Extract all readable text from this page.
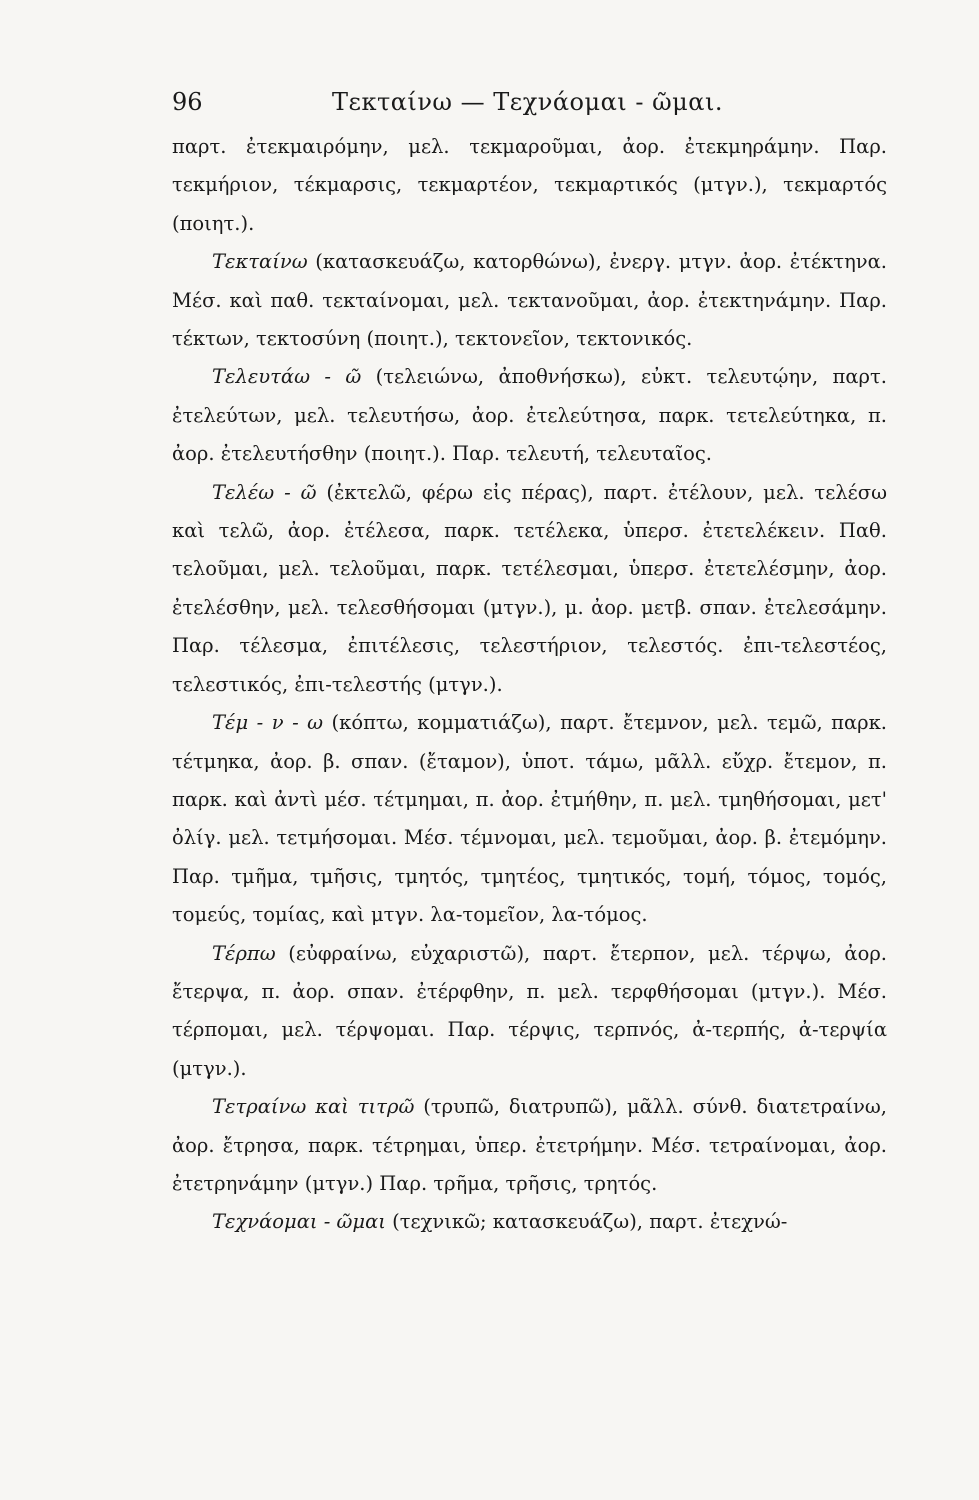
96	Τεκταίνω — Τεχνάομαι - ῶμαι.

παρτ. ἐτεκμαιρόμην, μελ. τεκμαροῦμαι, ἀορ. ἐτεκμηράμην. Παρ. τεκμήριον, τέκμαρσις, τεκμαρτέον, τεκμαρτικός (μτγν.), τεκμαρτός (ποιητ.).

Τεκταίνω (κατασκευάζω, κατορθώνω), ἐνεργ. μτγν. ἀορ. ἐτέκτηνα. Μέσ. καὶ παθ. τεκταίνομαι, μελ. τεκτανοῦμαι, ἀορ. ἐτεκτηνάμην. Παρ. τέκτων, τεκτοσύνη (ποιητ.), τεκτονεῖον, τεκτονικός.

Τελευτάω - ῶ (τελειώνω, ἀποθνήσκω), εὐκτ. τελευτῴην, παρτ. ἐτελεύτων, μελ. τελευτήσω, ἀορ. ἐτελεύτησα, παρκ. τετελεύτηκα, π. ἀορ. ἐτελευτήσθην (ποιητ.). Παρ. τελευτή, τελευταῖος.

Τελέω - ῶ (ἐκτελῶ, φέρω εἰς πέρας), παρτ. ἐτέλουν, μελ. τελέσω καὶ τελῶ, ἀορ. ἐτέλεσα, παρκ. τετέλεκα, ὑπερσ. ἐτετελέκειν. Παθ. τελοῦμαι, μελ. τελοῦμαι, παρκ. τετέλεσμαι, ὑπερσ. ἐτετελέσμην, ἀορ. ἐτελέσθην, μελ. τελεσθήσομαι (μτγν.), μ. ἀορ. μετβ. σπαν. ἐτελεσάμην. Παρ. τέλεσμα, ἐπιτέλεσις, τελεστήριον, τελεστός. ἐπι-τελεστέος, τελεστικός, ἐπι-τελεστής (μτγν.).

Τέμ - ν - ω (κόπτω, κομματιάζω), παρτ. ἔτεμνον, μελ. τεμῶ, παρκ. τέτμηκα, ἀορ. β. σπαν. (ἔταμον), ὑποτ. τάμω, μᾶλλ. εὔχρ. ἔτεμον, π. παρκ. καὶ ἀντὶ μέσ. τέτμημαι, π. ἀορ. ἐτμήθην, π. μελ. τμηθήσομαι, μετ' ὀλίγ. μελ. τετμήσομαι. Μέσ. τέμνομαι, μελ. τεμοῦμαι, ἀορ. β. ἐτεμόμην. Παρ. τμῆμα, τμῆσις, τμητός, τμητέος, τμητικός, τομή, τόμος, τομός, τομεύς, τομίας, καὶ μτγν. λα-τομεῖον, λα-τόμος.

Τέρπω (εὐφραίνω, εὐχαριστῶ), παρτ. ἔτερπον, μελ. τέρψω, ἀορ. ἔτερψα, π. ἀορ. σπαν. ἐτέρφθην, π. μελ. τερφθήσομαι (μτγν.). Μέσ. τέρπομαι, μελ. τέρψομαι. Παρ. τέρψις, τερπνός, ἀ-τερπής, ἀ-τερψία (μτγν.).

Τετραίνω καὶ τιτρῶ (τρυπῶ, διατρυπῶ), μᾶλλ. σύνθ. διατετραίνω, ἀορ. ἔτρησα, παρκ. τέτρημαι, ὑπερ. ἐτετρήμην. Μέσ. τετραίνομαι, ἀορ. ἐτετρηνάμην (μτγν.) Παρ. τρῆμα, τρῆσις, τρητός.

Τεχνάομαι - ῶμαι (τεχνικῶ; κατασκευάζω), παρτ. ἐτεχνώ-
